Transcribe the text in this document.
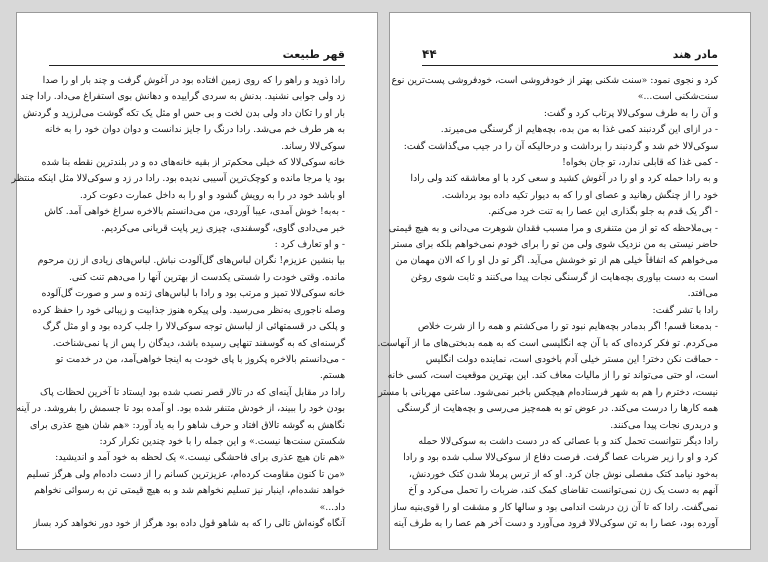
قهر طبیعت

رادا ذوید و راهو را که روی زمین افتاده بود در آغوش گرفت و چند بار او را صدا
زد ولی جوابی نشنید. بدنش به سردی گراییده و دهانش بوی استفراغ می‌داد. رادا چند
بار او را تکان داد ولی بدن لخت و بی حس او مثل یک تکه گوشت می‌لرزید و گردنش
به هر طرف خم می‌شد. رادا درنگ را جایز ندانست و دوان دوان خود را به خانه
سوکی‌لالا رساند.

خانه سوکی‌لالا که خیلی محکم‌تر از بقیه خانه‌های ده و در بلندترین نقطه بنا شده
بود یا مرجا مانده و کوچک‌ترین آسیبی ندیده بود. رادا در زد و سوکی‌لالا مثل اینکه منتظر
او باشد خود در را به رویش گشود و او را به داخل عمارت دعوت کرد.
- به‌به! خوش آمدی، عیبا آوردی، من می‌دانستم بالاخره سراغ خواهی آمد. کاش
خبر می‌دادی گاوی، گوسفندی، چیزی زیر پایت قربانی می‌کردیم.

- و او تعارف کرد :
بیا بنشین عزیزم! نگران لباس‌های گل‌آلودت نباش. لباس‌های زیادی از زن مرحوم
مانده. وقتی خودت را شستی یکدست از بهترین آنها را می‌دهم تنت کنی.

خانه سوکی‌لالا تمیز و مرتب بود و رادا با لباس‌های ژنده و سر و صورت گل‌آلوده
وصله ناجوری به‌نظر می‌رسید. ولی پیکره هنوز جذابیت و زیبائی خود را حفظ کرده
و پلکی در قسمتهائی از لباسش توجه سوکی‌لالا را جلب کرده بود و او مثل گرگ
گرسنه‌ای که به گوسفند تنهایی رسیده باشد، دیدگان را پس از پا نمی‌شناخت.

- می‌دانستم بالاخره پکروز با پای خودت به اینجا خواهی‌آمد، من در خدمت تو
هستم.

رادا در مقابل آینه‌ای که در تالار قصر نصب شده بود ایستاد تا آخرین لحظات پاک
بودن خود را ببیند، از خودش متنفر شده بود. او آمده بود تا جسمش را بفروشد. در آینه
نگاهش به گوشه تالاق افتاد و حرف شاهو را به یاد آورد: «هم شان هیچ عذری برای
شکستن سنت‌ها نیست.» و این جمله را با خود چندین تکرار کرد:

«هم نان هیچ عذری برای فاحشگی نیست.» یک لحظه به خود آمد و اندیشید:
«من تا کنون مقاومت کرده‌ام، عزیزترین کسانم را از دست داده‌ام ولی هرگز تسلیم
خواهد نشده‌ام، اینبار نیز تسلیم نخواهم شد و به هیچ قیمتی تن به رسوائی نخواهم
داد...»

آنگاه گونه‌اش تالی را که به شاهو قول داده بود هرگز از خود دور نخواهد کرد بساز

مادر هند
۴۴

کرد و نجوی نمود: «سنت شکنی بهتر از خودفروشی است، خودفروشی پست‌ترین نوع
سنت‌شکنی است...»

و آن را به طرف سوکی‌لالا پرتاب کرد و گفت:
- در ازای این گردنبند کمی غذا به من بده، بچه‌هایم از گرسنگی می‌میرند.
سوکی‌لالا خم شد و گردنبند را برداشت و درحالیکه آن را در جیب می‌گذاشت گفت:
- کمی غذا که قابلی ندارد، تو جان بخواه!
و به رادا حمله کرد و او را در آغوش کشید و سعی کرد با او معاشقه کند ولی رادا
خود را از چنگش رهانید و عصای او را که به دیوار تکیه داده بود برداشت.
- اگر یک قدم به جلو بگذاری این عصا را به تنت خرد می‌کنم.

- بی‌ملاحظه که تو از من متنفری و مرا مسبب فقدان شوهرت می‌دانی و به هیچ قیمتی
حاضر نیستی به من نزدیک شوی ولی من تو را برای خودم نمی‌خواهم بلکه برای مستر
می‌خواهم که اتفاقاً خیلی هم از تو خوشش می‌آید. اگر تو دل او را که الان مهمان من
است به دست بیاوری بچه‌هایت از گرسنگی نجات پیدا می‌کنند و ثابت شوی روغن
می‌افتد.

رادا با تشر گفت:
- بدمعنا قسم! اگر بدمادر بچه‌هایم نبود تو را می‌کشتم و همه را از شرت خلاص
می‌کردم. تو فکر کرده‌ای که با آن چه انگلیسی است که به همه بدبختی‌های ما از آنهاست.

- حماقت نکن دختر! این مستر خیلی آدم باخودی است، نماینده دولت انگلیس
است، او حتی می‌تواند تو را از مالیات معاف کند. این بهترین موقعیت است، کسی خانه
نیست، دخترم را هم به شهر فرستاده‌ام هیچکس باخبر نمی‌شود. ساعتی مهربانی با مستر
همه کارها را درست می‌کند. در عوض تو به همه‌چیز می‌رسی و بچه‌هایت از گرسنگی
و دربدری نجات پیدا می‌کنند.

رادا دیگر نتوانست تحمل کند و با عصائی که در دست داشت به سوکی‌لالا حمله
کرد و او را زیر ضربات عصا گرفت. فرصت دفاع از سوکی‌لالا سلب شده بود و رادا
به‌خود نیامد کتک مفصلی نوش جان کرد. او که از ترس پرملا شدن کتک خوردنش،
آنهم به دست یک زن نمی‌توانست تقاضای کمک کند، ضربات را تحمل می‌کرد و آخ
نمی‌گفت. رادا که تا آن زن درشت اندامی بود و سالها کار و مشقت او را قوی‌بنیه ساز
آورده بود، عصا را به تن سوکی‌لالا فرود می‌آورد و دست آخر هم عصا را به طرف آینه
